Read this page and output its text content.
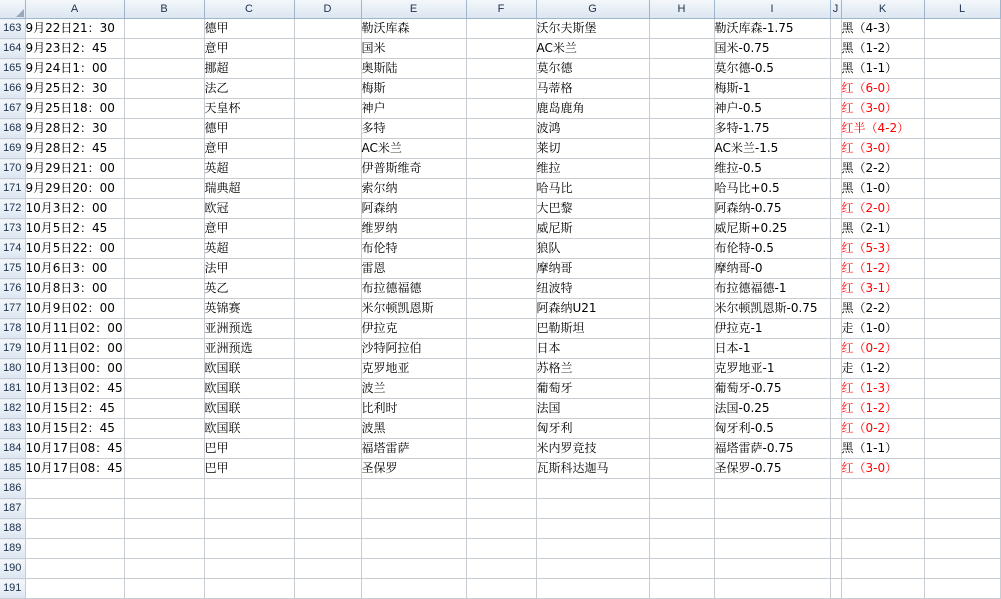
	A	B	C	D	E	F	G	H	I	J	K	L
163	9月22日21：30		德甲		勒沃库森		沃尔夫斯堡		勒沃库森-1.75		黑（4-3）	
164	9月23日2：45		意甲		国米		AC米兰		国米-0.75		黑（1-2）	
165	9月24日1：00		挪超		奥斯陆		莫尔德		莫尔德-0.5		黑（1-1）	
166	9月25日2：30		法乙		梅斯		马蒂格		梅斯-1		红（6-0）	
167	9月25日18：00		天皇杯		神户		鹿岛鹿角		神户-0.5		红（3-0）	
168	9月28日2：30		德甲		多特		波鸿		多特-1.75		红半（4-2）	
169	9月28日2：45		意甲		AC米兰		莱切		AC米兰-1.5		红（3-0）	
170	9月29日21：00		英超		伊普斯维奇		维拉		维拉-0.5		黑（2-2）	
171	9月29日20：00		瑞典超		索尔纳		哈马比		哈马比+0.5		黑（1-0）	
172	10月3日2：00		欧冠		阿森纳		大巴黎		阿森纳-0.75		红（2-0）	
173	10月5日2：45		意甲		维罗纳		威尼斯		威尼斯+0.25		黑（2-1）	
174	10月5日22：00		英超		布伦特		狼队		布伦特-0.5		红（5-3）	
175	10月6日3：00		法甲		雷恩		摩纳哥		摩纳哥-0		红（1-2）	
176	10月8日3：00		英乙		布拉德福德		纽波特		布拉德福德-1		红（3-1）	
177	10月9日02：00		英锦赛		米尔顿凯恩斯		阿森纳U21		米尔顿凯恩斯-0.75		黑（2-2）	
178	10月11日02：00		亚洲预选		伊拉克		巴勒斯坦		伊拉克-1		走（1-0）	
179	10月11日02：00		亚洲预选		沙特阿拉伯		日本		日本-1		红（0-2）	
180	10月13日00：00		欧国联		克罗地亚		苏格兰		克罗地亚-1		走（1-2）	
181	10月13日02：45		欧国联		波兰		葡萄牙		葡萄牙-0.75		红（1-3）	
182	10月15日2：45		欧国联		比利时		法国		法国-0.25		红（1-2）	
183	10月15日2：45		欧国联		波黑		匈牙利		匈牙利-0.5		红（0-2）	
184	10月17日08：45		巴甲		福塔雷萨		米内罗竞技		福塔雷萨-0.75		黑（1-1）	
185	10月17日08：45		巴甲		圣保罗		瓦斯科达迦马		圣保罗-0.75		红（3-0）	
186												
187												
188												
189												
190												
191												
